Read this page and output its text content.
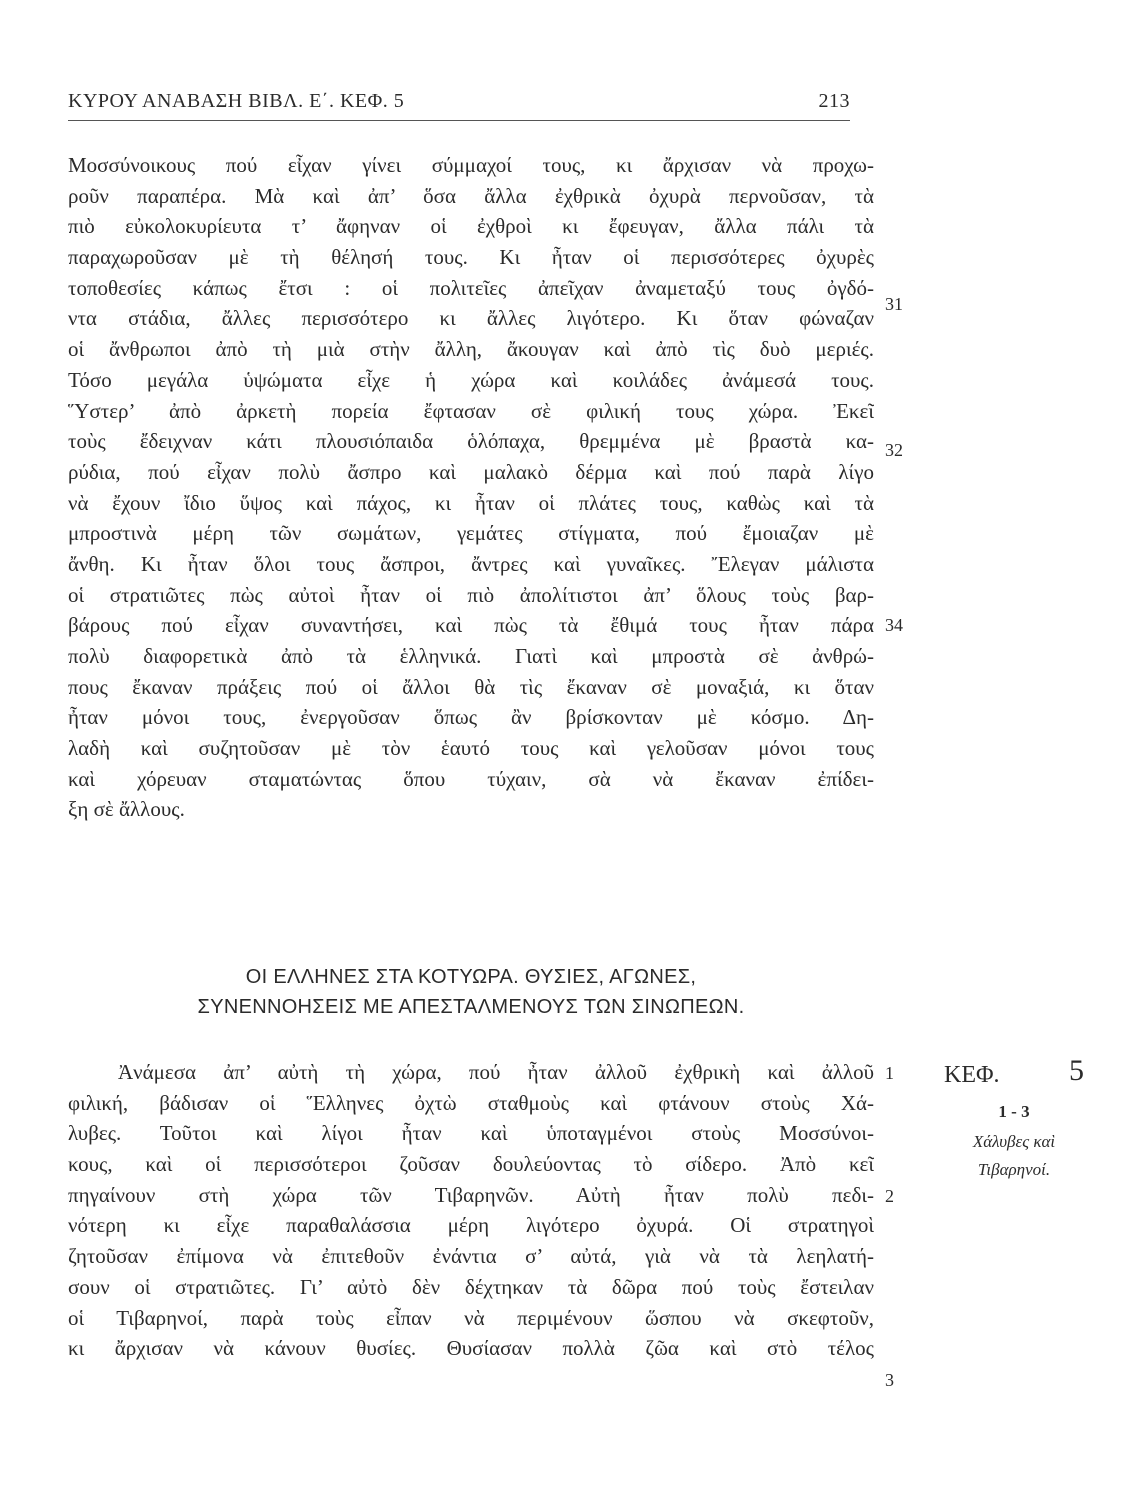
ΚΥΡΟΥ ΑΝΑΒΑΣΗ ΒΙΒΛ. Ε΄. ΚΕΦ. 5	213
Μοσσύνοικους πού εἶχαν γίνει σύμμαχοί τους, κι ἄρχισαν νὰ προχω-
ροῦν παραπέρα. Μὰ καὶ ἀπ’ ὅσα ἄλλα ἐχθρικὰ ὀχυρὰ περνοῦσαν, τὰ
πιὸ εὐκολοκυρίευτα τ’ ἄφηναν οἱ ἐχθροὶ κι ἔφευγαν, ἄλλα πάλι τὰ
παραχωροῦσαν μὲ τὴ θέλησή τους. Κι ἦταν οἱ περισσότερες ὀχυρὲς
τοποθεσίες κάπως ἔτσι : οἱ πολιτεῖες ἀπεῖχαν ἀναμεταξύ τους ὀγδό-
ντα στάδια, ἄλλες περισσότερο κι ἄλλες λιγότερο. Κι ὅταν φώναζαν
οἱ ἄνθρωποι ἀπὸ τὴ μιὰ στὴν ἄλλη, ἄκουγαν καὶ ἀπὸ τὶς δυὸ μεριές.
Τόσο μεγάλα ὑψώματα εἶχε ἡ χώρα καὶ κοιλάδες ἀνάμεσά τους.
Ὕστερ’ ἀπὸ ἀρκετὴ πορεία ἔφτασαν σὲ φιλική τους χώρα. Ἐκεῖ
τοὺς ἔδειχναν κάτι πλουσιόπαιδα ὁλόπαχα, θρεμμένα μὲ βραστὰ κα-
ρύδια, πού εἶχαν πολὺ ἄσπρο καὶ μαλακὸ δέρμα καὶ πού παρὰ λίγο
νὰ ἔχουν ἴδιο ὕψος καὶ πάχος, κι ἦταν οἱ πλάτες τους, καθὼς καὶ τὰ
μπροστινὰ μέρη τῶν σωμάτων, γεμάτες στίγματα, πού ἔμοιαζαν μὲ
ἄνθη. Κι ἦταν ὅλοι τους ἄσπροι, ἄντρες καὶ γυναῖκες. Ἔλεγαν μάλιστα
οἱ στρατιῶτες πὼς αὐτοὶ ἦταν οἱ πιὸ ἀπολίτιστοι ἀπ’ ὅλους τοὺς βαρ-
βάρους πού εἶχαν συναντήσει, καὶ πὼς τὰ ἔθιμά τους ἦταν πάρα
πολὺ διαφορετικὰ ἀπὸ τὰ ἑλληνικά. Γιατὶ καὶ μπροστὰ σὲ ἀνθρώ-
πους ἔκαναν πράξεις πού οἱ ἄλλοι θὰ τὶς ἔκαναν σὲ μοναξιά, κι ὅταν
ἦταν μόνοι τους, ἐνεργοῦσαν ὅπως ἂν βρίσκονταν μὲ κόσμο. Δη-
λαδὴ καὶ συζητοῦσαν μὲ τὸν ἑαυτό τους καὶ γελοῦσαν μόνοι τους
καὶ χόρευαν σταματώντας ὅπου τύχαιν, σὰ νὰ ἔκαναν ἐπίδει-
ξη σὲ ἄλλους.
31
32
34
ΟΙ ΕΛΛΗΝΕΣ ΣΤΑ ΚΟΤΥΩΡΑ. ΘΥΣΙΕΣ, ΑΓΩΝΕΣ,
ΣΥΝΕΝΝΟΗΣΕΙΣ ΜΕ ΑΠΕΣΤΑΛΜΕΝΟΥΣ ΤΩΝ ΣΙΝΩΠΕΩΝ.
Ἀνάμεσα ἀπ’ αὐτὴ τὴ χώρα, πού ἦταν ἀλλοῦ ἐχθρικὴ καὶ ἀλλοῦ
φιλική, βάδισαν οἱ Ἕλληνες ὀχτὼ σταθμοὺς καὶ φτάνουν στοὺς Χά-
λυβες. Τοῦτοι καὶ λίγοι ἦταν καὶ ὑποταγμένοι στοὺς Μοσσύνοι-
κους, καὶ οἱ περισσότεροι ζοῦσαν δουλεύοντας τὸ σίδερο. Ἀπὸ κεῖ
πηγαίνουν στὴ χώρα τῶν Τιβαρηνῶν. Αὐτὴ ἦταν πολὺ πεδι-
νότερη κι εἶχε παραθαλάσσια μέρη λιγότερο ὀχυρά. Οἱ στρατηγοὶ
ζητοῦσαν ἐπίμονα νὰ ἐπιτεθοῦν ἐνάντια σ’ αὐτά, γιὰ νὰ τὰ λεηλατή-
σουν οἱ στρατιῶτες. Γι’ αὐτὸ δὲν δέχτηκαν τὰ δῶρα πού τοὺς ἔστειλαν
οἱ Τιβαρηνοί, παρὰ τοὺς εἶπαν νὰ περιμένουν ὥσπου νὰ σκεφτοῦν,
κι ἄρχισαν νὰ κάνουν θυσίες. Θυσίασαν πολλὰ ζῶα καὶ στὸ τέλος
1
2
3
ΚΕΦ. 5
1 - 3
Χάλυβες καὶ
Τιβαρηνοί.
